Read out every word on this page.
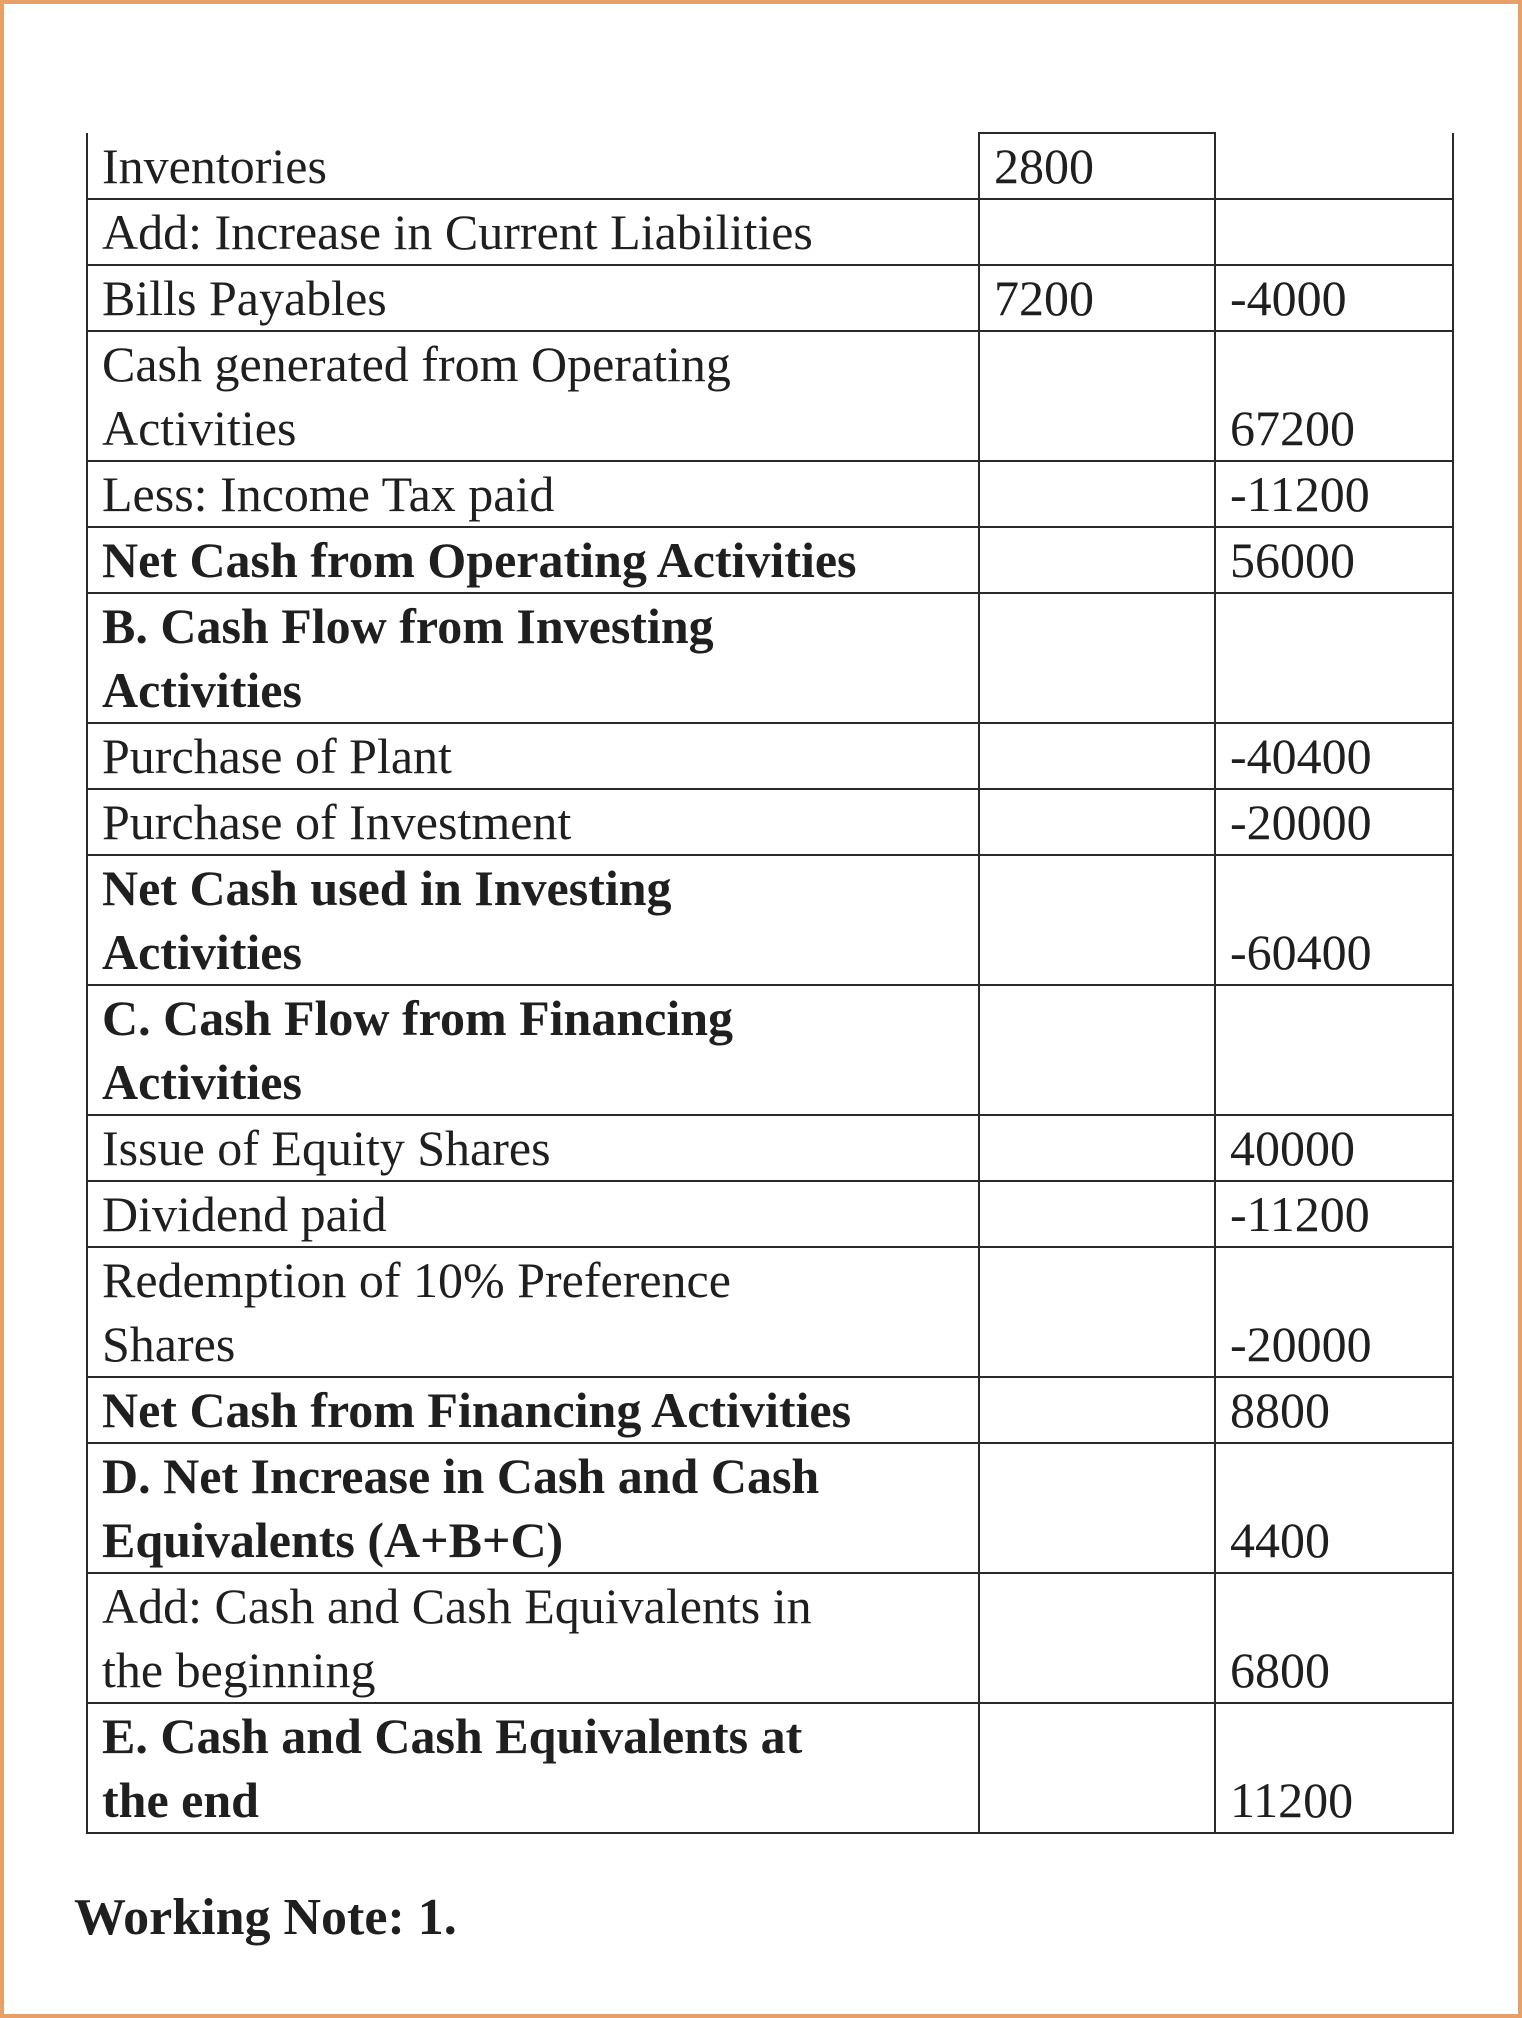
Inventories	2800	
Add: Increase in Current Liabilities		
Bills Payables	7200	-4000
Cash generated from Operating
Activities		67200
Less: Income Tax paid		-11200
Net Cash from Operating Activities		56000
B. Cash Flow from Investing
Activities		
Purchase of Plant		-40400
Purchase of Investment		-20000
Net Cash used in Investing
Activities		-60400
C. Cash Flow from Financing
Activities		
Issue of Equity Shares		40000
Dividend paid		-11200
Redemption of 10% Preference
Shares		-20000
Net Cash from Financing Activities		8800
D. Net Increase in Cash and Cash
Equivalents (A+B+C)		4400
Add: Cash and Cash Equivalents in
the beginning		6800
E. Cash and Cash Equivalents at
the end		11200
Working Note: 1.
